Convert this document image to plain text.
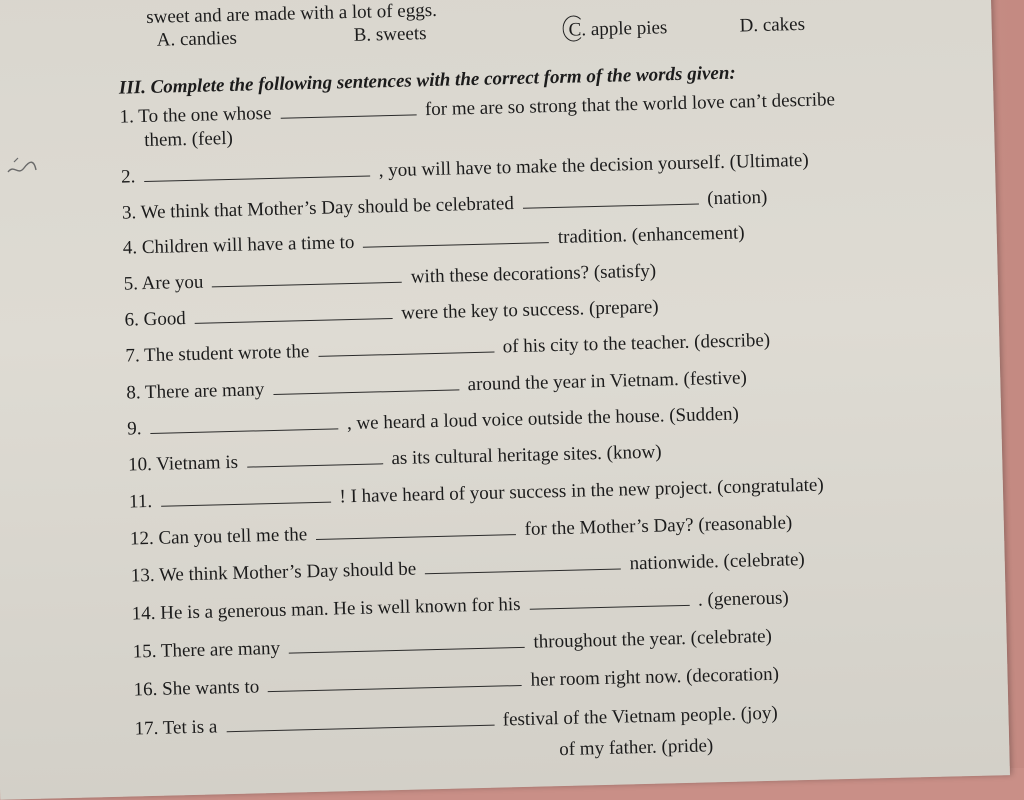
sweet and are made with a lot of eggs.
A. candies	B. sweets	C. apple pies	D. cakes
III. Complete the following sentences with the correct form of the words given:
1. To the one whose	for me are so strong that the world love can’t describe
them. (feel)
2.	, you will have to make the decision yourself. (Ultimate)
3. We think that Mother’s Day should be celebrated	(nation)
4. Children will have a time to	tradition. (enhancement)
5. Are you	with these decorations? (satisfy)
6. Good	were the key to success. (prepare)
7. The student wrote the	of his city to the teacher. (describe)
8. There are many	around the year in Vietnam. (festive)
9.	, we heard a loud voice outside the house. (Sudden)
10. Vietnam is	as its cultural heritage sites. (know)
11.	! I have heard of your success in the new project. (congratulate)
12. Can you tell me the	for the Mother’s Day? (reasonable)
13. We think Mother’s Day should be	nationwide. (celebrate)
14. He is a generous man. He is well known for his	. (generous)
15. There are many	throughout the year. (celebrate)
16. She wants to	her room right now. (decoration)
17. Tet is a	festival of the Vietnam people. (joy)
of my father. (pride)
